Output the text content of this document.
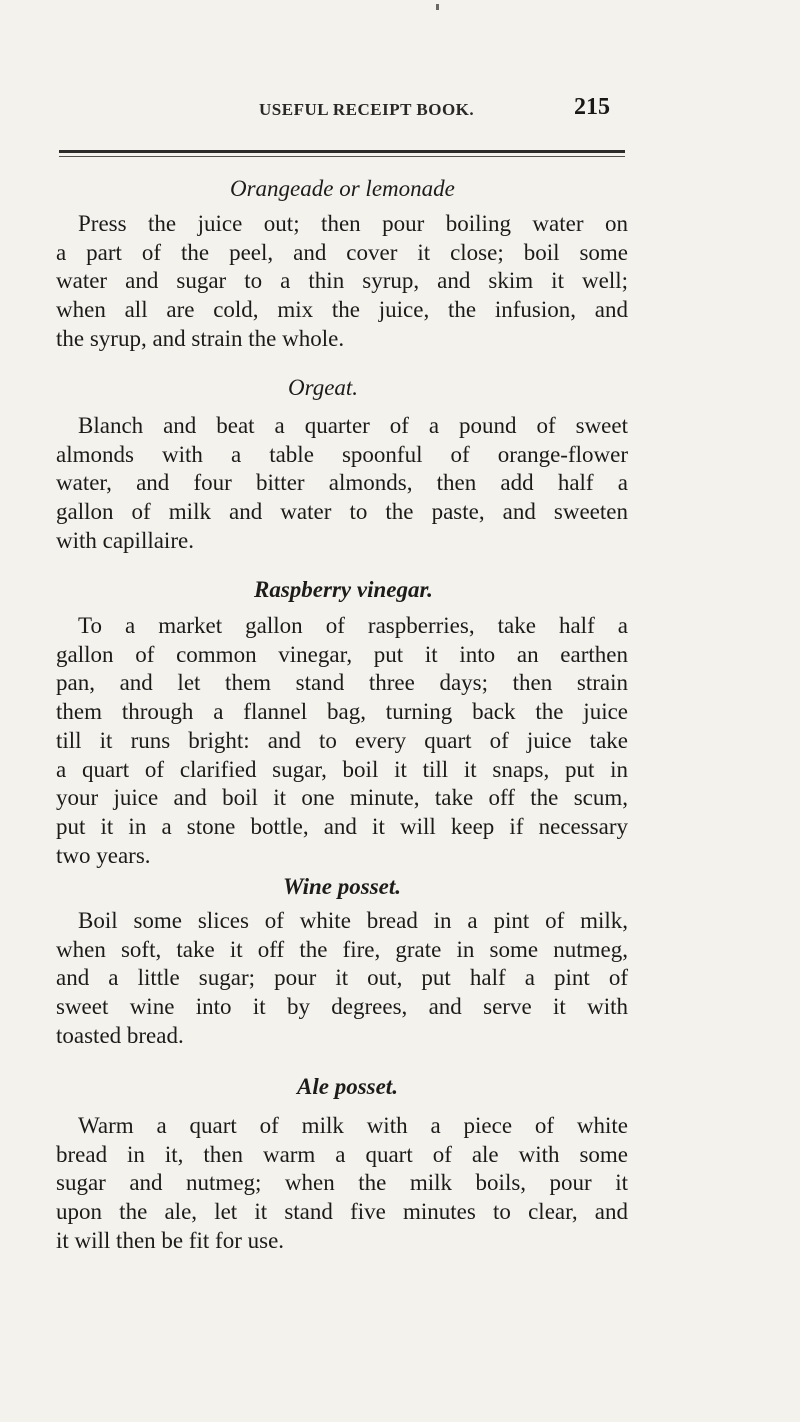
USEFUL RECEIPT BOOK.	215
Orangeade or lemonade
Press the juice out; then pour boiling water on
a part of the peel, and cover it close; boil some
water and sugar to a thin syrup, and skim it well;
when all are cold, mix the juice, the infusion, and
the syrup, and strain the whole.
Orgeat.
Blanch and beat a quarter of a pound of sweet
almonds with a table spoonful of orange-flower
water, and four bitter almonds, then add half a
gallon of milk and water to the paste, and sweeten
with capillaire.
Raspberry vinegar.
To a market gallon of raspberries, take half a
gallon of common vinegar, put it into an earthen
pan, and let them stand three days; then strain
them through a flannel bag, turning back the juice
till it runs bright: and to every quart of juice take
a quart of clarified sugar, boil it till it snaps, put in
your juice and boil it one minute, take off the scum,
put it in a stone bottle, and it will keep if necessary
two years.
Wine posset.
Boil some slices of white bread in a pint of milk,
when soft, take it off the fire, grate in some nutmeg,
and a little sugar; pour it out, put half a pint of
sweet wine into it by degrees, and serve it with
toasted bread.
Ale posset.
Warm a quart of milk with a piece of white
bread in it, then warm a quart of ale with some
sugar and nutmeg; when the milk boils, pour it
upon the ale, let it stand five minutes to clear, and
it will then be fit for use.
